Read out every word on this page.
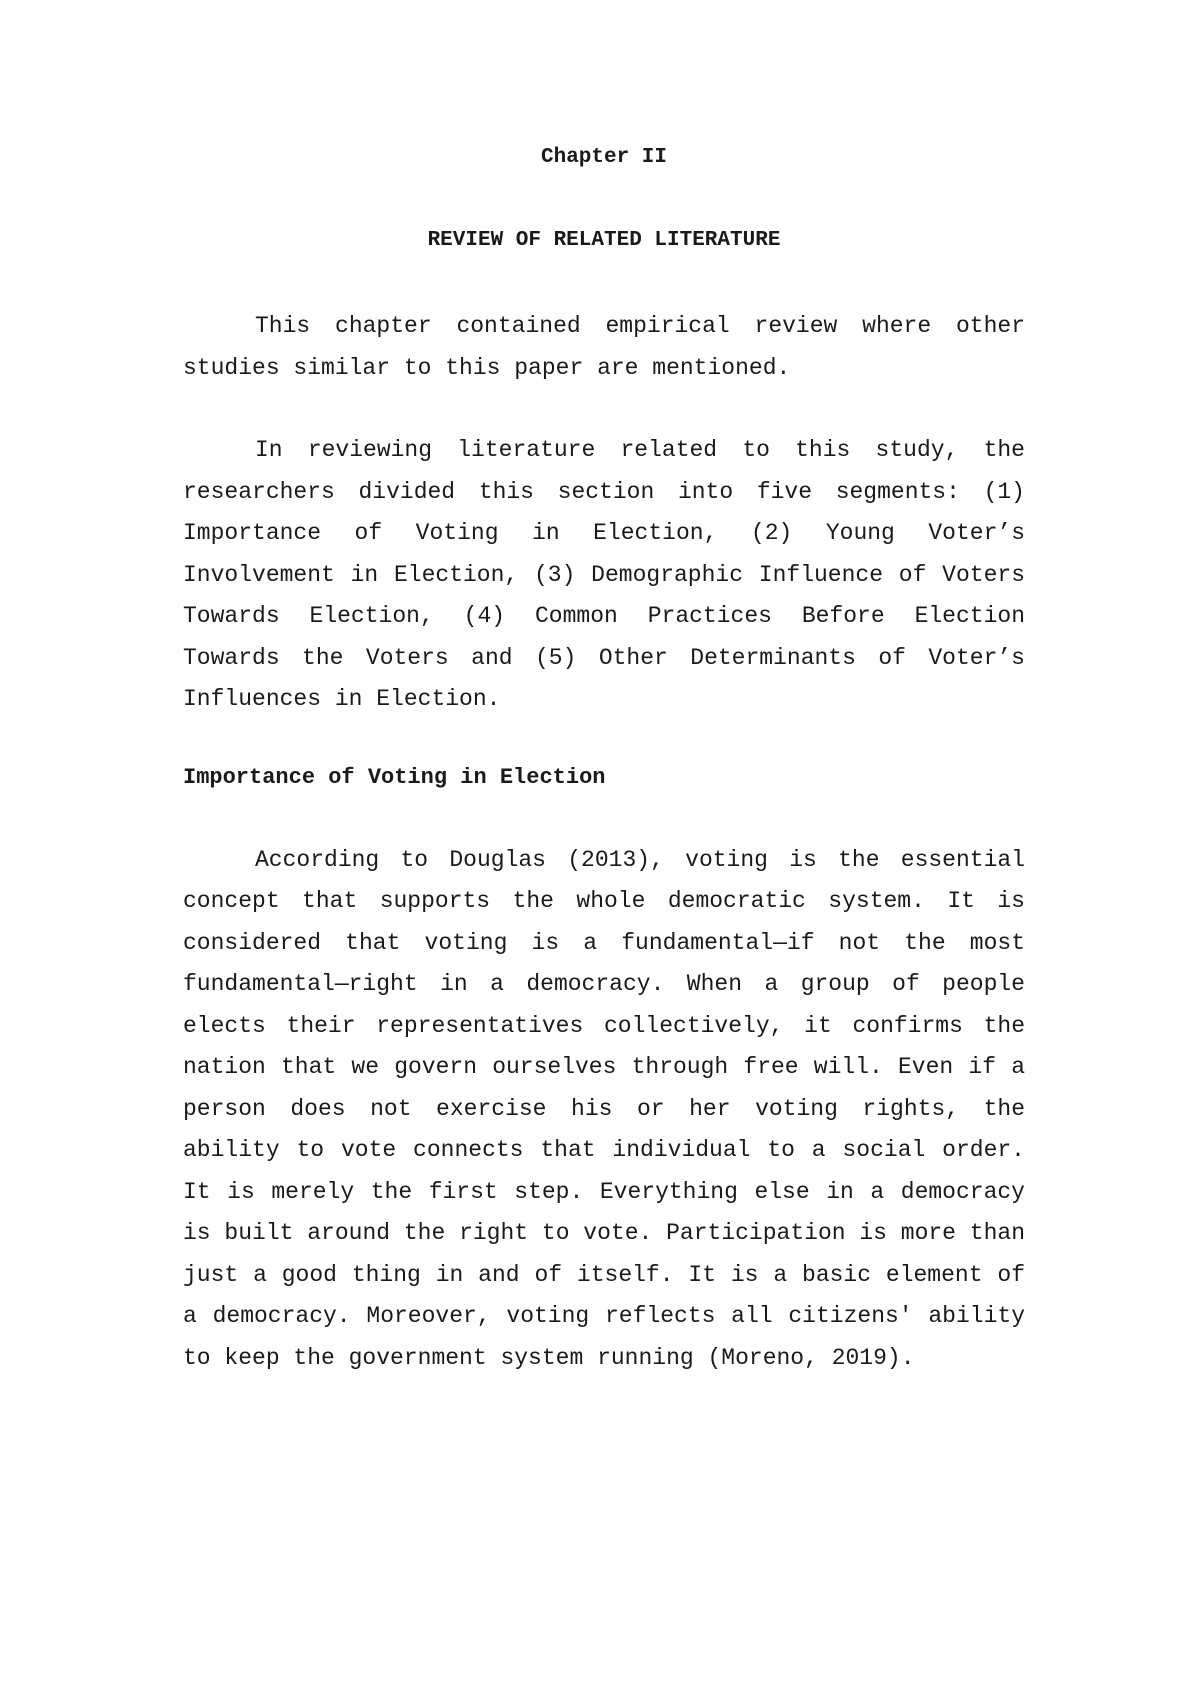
Chapter II
REVIEW OF RELATED LITERATURE

This chapter contained empirical review where other studies similar to this paper are mentioned.

In reviewing literature related to this study, the researchers divided this section into five segments: (1) Importance of Voting in Election, (2) Young Voter’s Involvement in Election, (3) Demographic Influence of Voters Towards Election, (4) Common Practices Before Election Towards the Voters and (5) Other Determinants of Voter’s Influences in Election.

Importance of Voting in Election

According to Douglas (2013), voting is the essential concept that supports the whole democratic system. It is considered that voting is a fundamental—if not the most fundamental—right in a democracy. When a group of people elects their representatives collectively, it confirms the nation that we govern ourselves through free will. Even if a person does not exercise his or her voting rights, the ability to vote connects that individual to a social order. It is merely the first step. Everything else in a democracy is built around the right to vote. Participation is more than just a good thing in and of itself. It is a basic element of a democracy. Moreover, voting reflects all citizens' ability to keep the government system running (Moreno, 2019).
